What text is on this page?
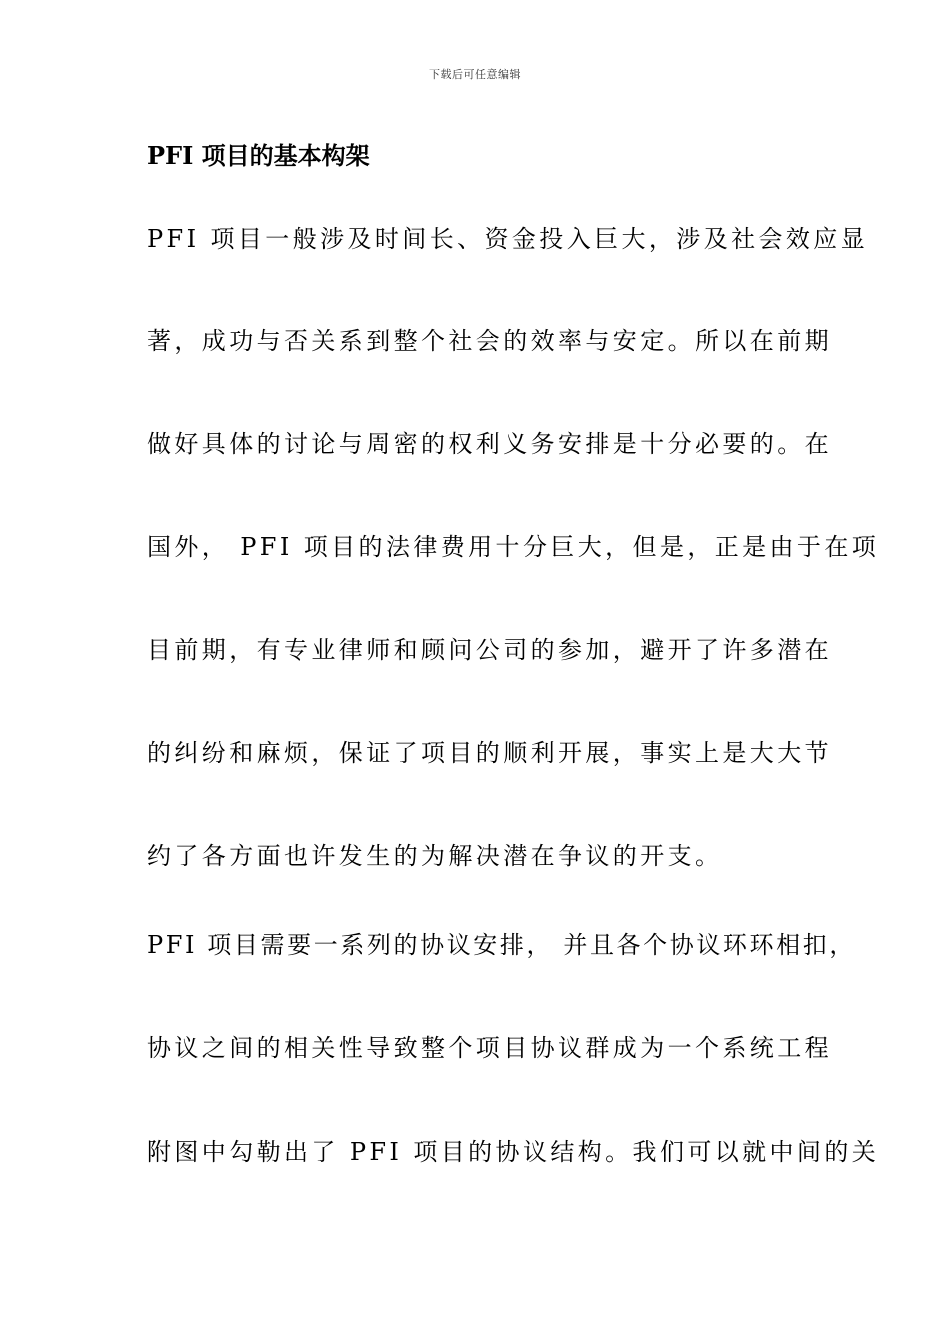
下载后可任意编辑
PFI 项目的基本构架
PFI 项目一般涉及时间长、资金投入巨大，涉及社会效应显
著，成功与否关系到整个社会的效率与安定。所以在前期
做好具体的讨论与周密的权利义务安排是十分必要的。在
国外， PFI 项目的法律费用十分巨大，但是，正是由于在项
目前期，有专业律师和顾问公司的参加，避开了许多潜在
的纠纷和麻烦，保证了项目的顺利开展，事实上是大大节
约了各方面也许发生的为解决潜在争议的开支。
PFI 项目需要一系列的协议安排， 并且各个协议环环相扣，
协议之间的相关性导致整个项目协议群成为一个系统工程
附图中勾勒出了 PFI 项目的协议结构。我们可以就中间的关
